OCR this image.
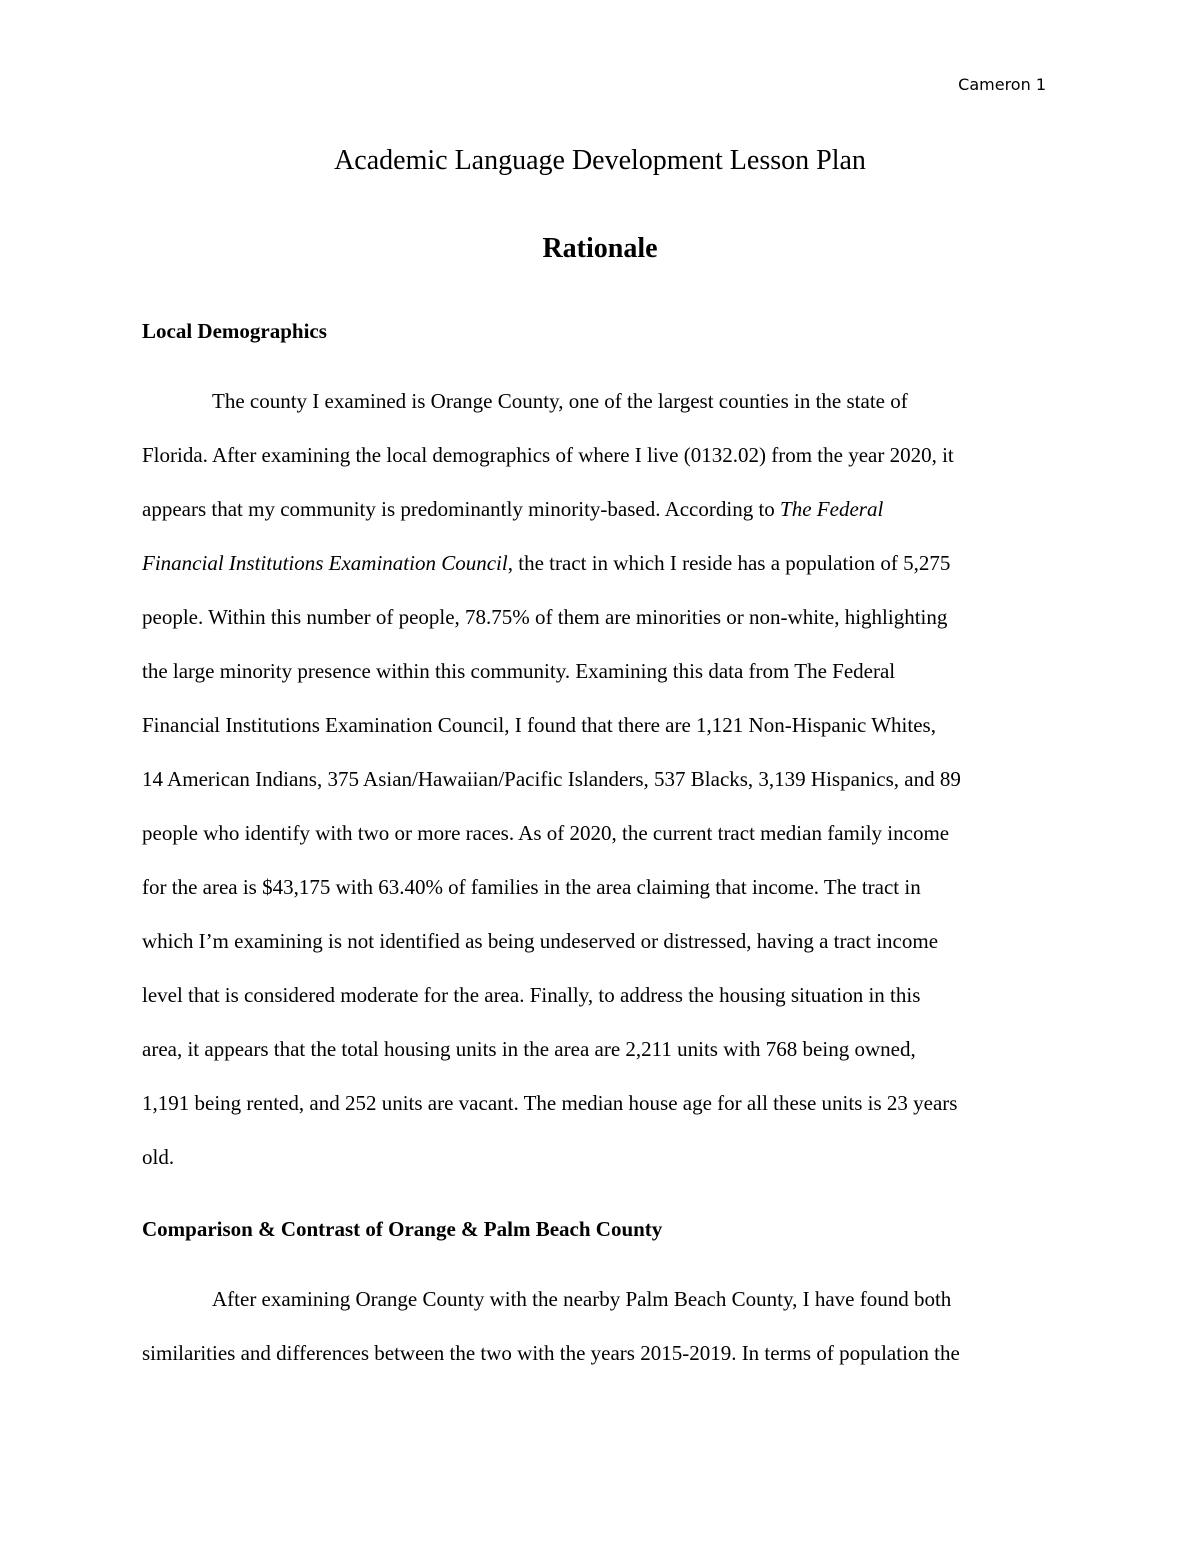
Cameron 1
Academic Language Development Lesson Plan
Rationale
Local Demographics
The county I examined is Orange County, one of the largest counties in the state of
Florida. After examining the local demographics of where I live (0132.02) from the year 2020, it
appears that my community is predominantly minority-based. According to The Federal
Financial Institutions Examination Council, the tract in which I reside has a population of 5,275
people. Within this number of people, 78.75% of them are minorities or non-white, highlighting
the large minority presence within this community. Examining this data from The Federal
Financial Institutions Examination Council, I found that there are 1,121 Non-Hispanic Whites,
14 American Indians, 375 Asian/Hawaiian/Pacific Islanders, 537 Blacks, 3,139 Hispanics, and 89
people who identify with two or more races. As of 2020, the current tract median family income
for the area is $43,175 with 63.40% of families in the area claiming that income. The tract in
which I’m examining is not identified as being undeserved or distressed, having a tract income
level that is considered moderate for the area. Finally, to address the housing situation in this
area, it appears that the total housing units in the area are 2,211 units with 768 being owned,
1,191 being rented, and 252 units are vacant. The median house age for all these units is 23 years
old.
Comparison & Contrast of Orange & Palm Beach County
After examining Orange County with the nearby Palm Beach County, I have found both
similarities and differences between the two with the years 2015-2019. In terms of population the
